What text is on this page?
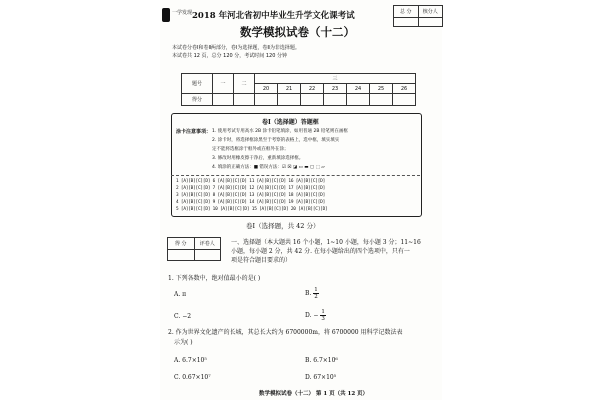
一学发现 2018 年河北省初中毕业生升学文化课考试	总 分	核分人
数学模拟试卷（十二）
本试卷分卷Ⅰ和卷Ⅱ两部分，卷Ⅰ为选择题，卷Ⅱ为非选择题。
本试卷共 12 页，总分 120 分，考试时间 120 分钟
题号	一	二	三						
			20	21	22	23	24	25	26
得分									
卷Ⅰ（选择题）答题框
涂卡注意事项： 1. 使用考试专用高水 2B 涂卡铅笔填涂，如用普通 2B 铅笔则在画框
2. 涂卡时，将选择框涂黑至于考察的表格上，选中框，填实填实
定不能将选框涂于框外或在框外在涂；
3. 修改时用橡皮擦干净后，重新填涂选择框。
4. 填涂的正确方法：■ 错误方法：☑ ☒ ◪ ▭ ▬ ▢ ⬚ ▱
1 [A][B][C][D] 6 [A][B][C][D] 11 [A][B][C][D] 16 [A][B][C][D]
2 [A][B][C][D] 7 [A][B][C][D] 12 [A][B][C][D] 17 [A][B][C][D]
3 [A][B][C][D] 8 [A][B][C][D] 13 [A][B][C][D] 18 [A][B][C][D]
4 [A][B][C][D] 9 [A][B][C][D] 14 [A][B][C][D] 19 [A][B][C][D]
5 [A][B][C][D] 10 [A][B][C][D] 15 [A][B][C][D] 20 [A][B][C][D]
卷Ⅰ（选择题，共 42 分）
得 分	评卷人	一、选择题（本大题共 16 个小题，1~10 小题，每小题 3 分；11~16
小题，每小题 2 分，共 42 分. 在每小题给出的四个选项中，只有一
项是符合题目要求的）
1. 下列各数中，绝对值最小的是( )
A. π	B. $\frac{1}{2}$
C. −2	D. − $\frac{1}{3}$
2. 作为世界文化遗产的长城，其总长大约为 6700000m，将 6700000 用科学记数法表
示为( )
A. 6.7×10⁵	B. 6.7×10⁶
C. 0.67×10⁷	D. 67×10⁵
数学模拟试卷（十二） 第 1 页（共 12 页）
